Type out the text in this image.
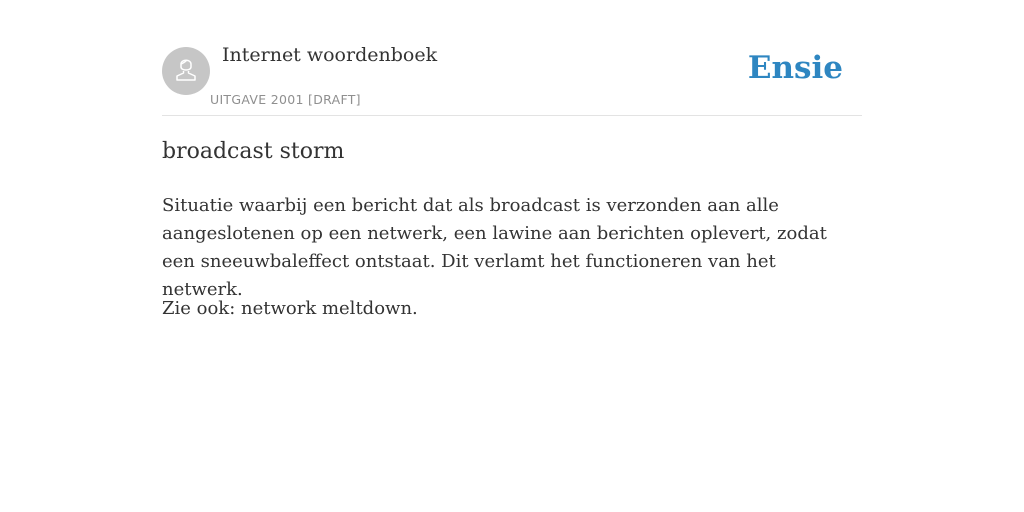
Internet woordenboek
UITGAVE 2001 [DRAFT]
Ensie
broadcast storm

Situatie waarbij een bericht dat als broadcast is verzonden aan alle aangeslotenen op een netwerk, een lawine aan berichten oplevert, zodat een sneeuwbaleffect ontstaat. Dit verlamt het functioneren van het netwerk.

Zie ook: network meltdown.
